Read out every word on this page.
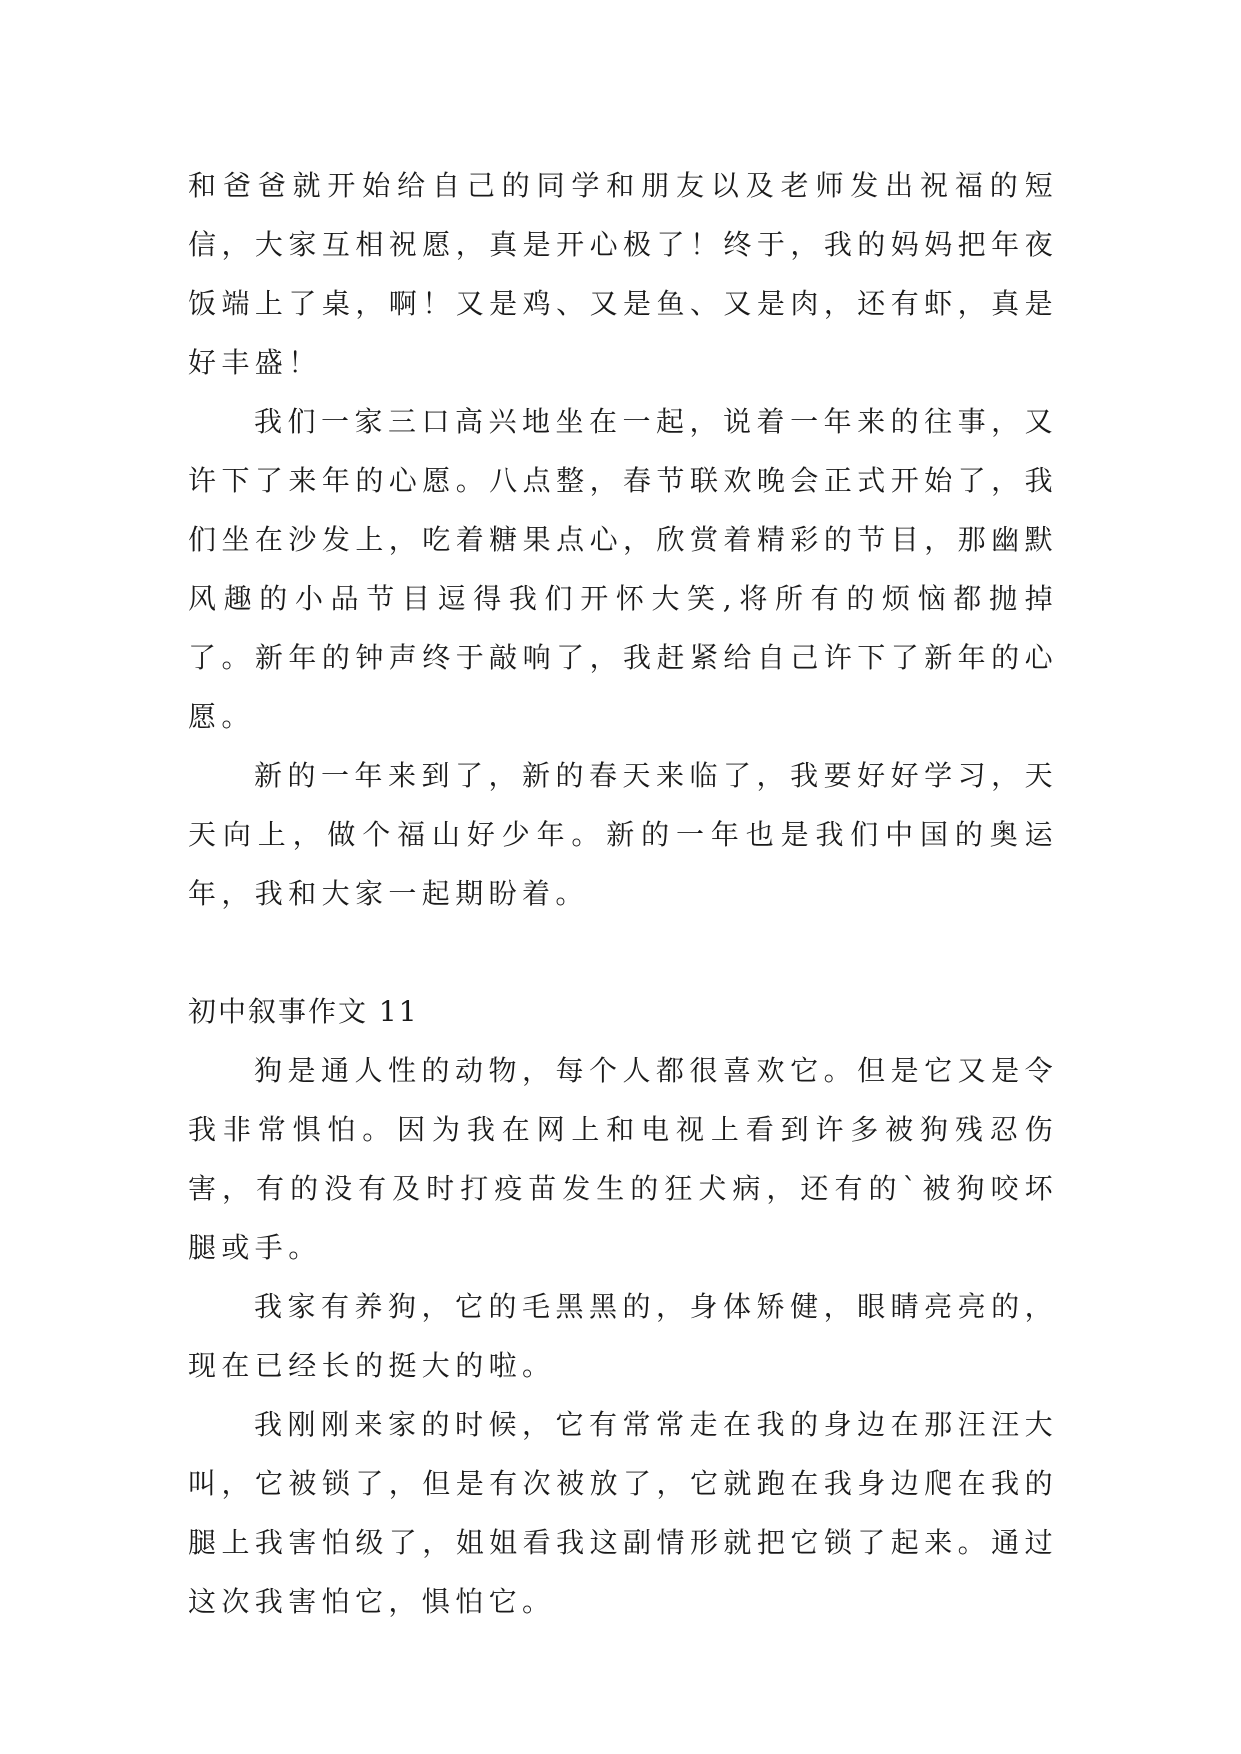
和爸爸就开始给自己的同学和朋友以及老师发出祝福的短信，大家互相祝愿，真是开心极了！终于，我的妈妈把年夜饭端上了桌，啊！又是鸡、又是鱼、又是肉，还有虾，真是好丰盛！

我们一家三口高兴地坐在一起，说着一年来的往事，又许下了来年的心愿。八点整，春节联欢晚会正式开始了，我们坐在沙发上，吃着糖果点心，欣赏着精彩的节目，那幽默风趣的小品节目逗得我们开怀大笑,将所有的烦恼都抛掉了。新年的钟声终于敲响了，我赶紧给自己许下了新年的心愿。

新的一年来到了，新的春天来临了，我要好好学习，天天向上，做个福山好少年。新的一年也是我们中国的奥运年，我和大家一起期盼着。

初中叙事作文 11

狗是通人性的动物，每个人都很喜欢它。但是它又是令我非常惧怕。因为我在网上和电视上看到许多被狗残忍伤害，有的没有及时打疫苗发生的狂犬病，还有的`被狗咬坏腿或手。

我家有养狗，它的毛黑黑的，身体矫健，眼睛亮亮的，现在已经长的挺大的啦。

我刚刚来家的时候，它有常常走在我的身边在那汪汪大叫，它被锁了，但是有次被放了，它就跑在我身边爬在我的腿上我害怕级了，姐姐看我这副情形就把它锁了起来。通过这次我害怕它，惧怕它。
